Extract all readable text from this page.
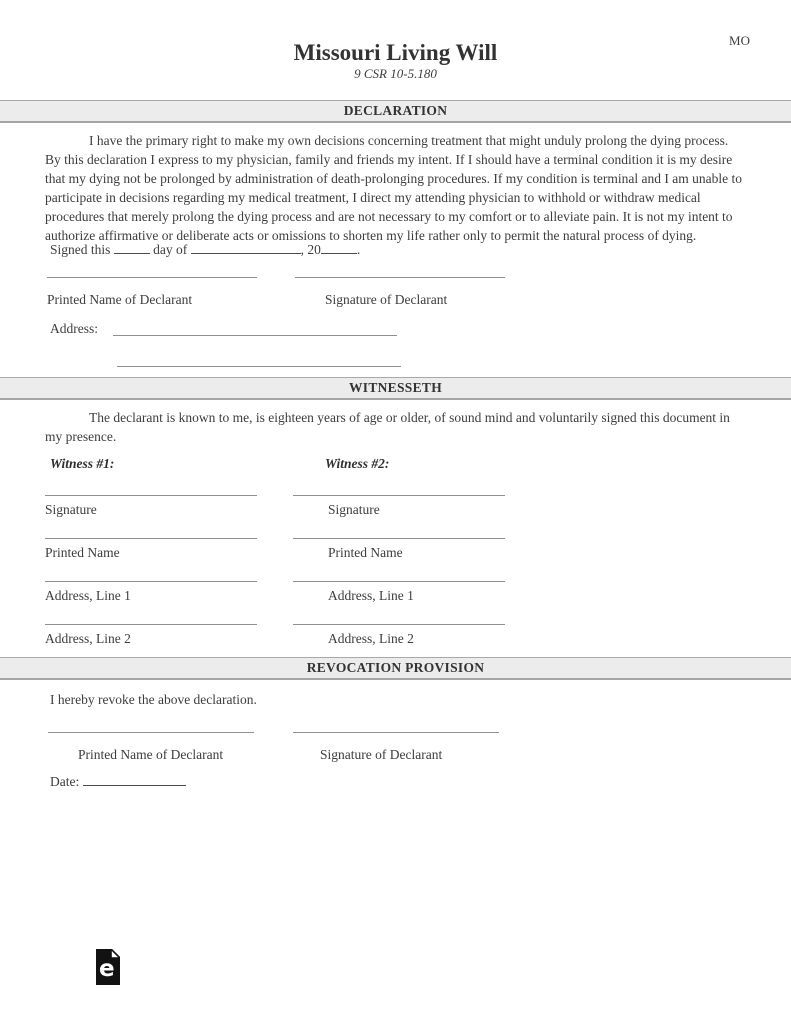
MO
Missouri Living Will
9 CSR 10-5.180
DECLARATION
I have the primary right to make my own decisions concerning treatment that might unduly prolong the dying process. By this declaration I express to my physician, family and friends my intent. If I should have a terminal condition it is my desire that my dying not be prolonged by administration of death-prolonging procedures. If my condition is terminal and I am unable to participate in decisions regarding my medical treatment, I direct my attending physician to withhold or withdraw medical procedures that merely prolong the dying process and are not necessary to my comfort or to alleviate pain. It is not my intent to authorize affirmative or deliberate acts or omissions to shorten my life rather only to permit the natural process of dying.
Signed this	day of	, 20	.
Printed Name of Declarant	Signature of Declarant
Address:
WITNESSETH
The declarant is known to me, is eighteen years of age or older, of sound mind and voluntarily signed this document in my presence.
Witness #1:	Witness #2:
Signature	Signature
Printed Name	Printed Name
Address, Line 1	Address, Line 1
Address, Line 2	Address, Line 2
REVOCATION PROVISION
I hereby revoke the above declaration.
Printed Name of Declarant	Signature of Declarant
Date:
e
